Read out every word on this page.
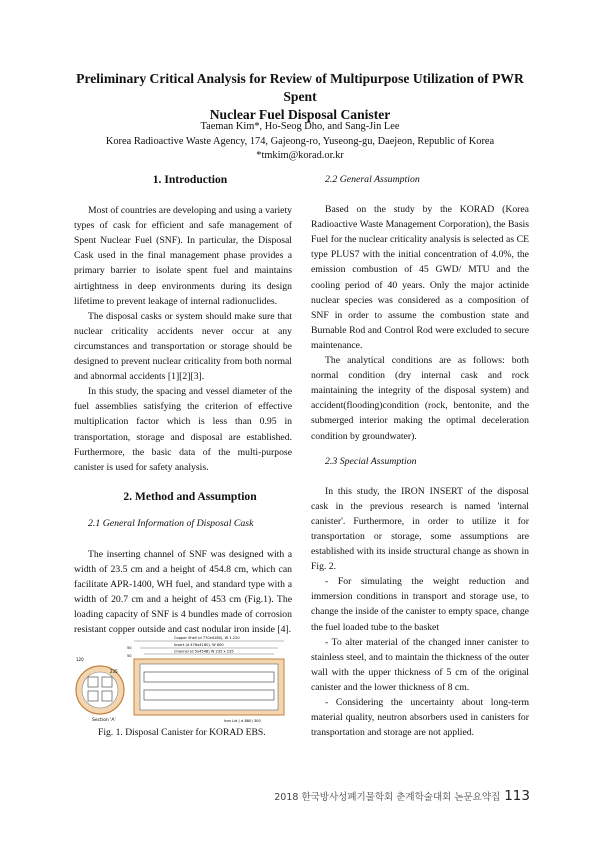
Preliminary Critical Analysis for Review of Multipurpose Utilization of PWR Spent
Nuclear Fuel Disposal Canister
Taeman Kim*, Ho-Seog Dho, and Sang-Jin Lee
Korea Radioactive Waste Agency, 174, Gajeong-ro, Yuseong-gu, Daejeon, Republic of Korea
*tmkim@korad.or.kr

1. Introduction

Most of countries are developing and using a variety types of cask for efficient and safe management of Spent Nuclear Fuel (SNF). In particular, the Disposal Cask used in the final management phase provides a primary barrier to isolate spent fuel and maintains airtightness in deep environments during its design lifetime to prevent leakage of internal radionuclides.

The disposal casks or system should make sure that nuclear criticality accidents never occur at any circumstances and transportation or storage should be designed to prevent nuclear criticality from both normal and abnormal accidents [1][2][3].

In this study, the spacing and vessel diameter of the fuel assemblies satisfying the criterion of effective multiplication factor which is less than 0.95 in transportation, storage and disposal are established. Furthermore, the basic data of the multi-purpose canister is used for safety analysis.

2. Method and Assumption

2.1 General Information of Disposal Cask

The inserting channel of SNF was designed with a width of 23.5 cm and a height of 454.8 cm, which can facilitate APR-1400, WH fuel, and standard type with a width of 20.7 cm and a height of 453 cm (Fig.1). The loading capacity of SNF is 4 bundles made of corrosion resistant copper outside and cast nodular iron inside [4].

120
235
Section 'A'
Copper Shell (d 770x4180), W 1.220
Insert (d 476x4160), W 600
Channel (d 5x4548) W 235 x 235
50
50
Iron Lid ( d 880) 300
Fig. 1. Disposal Canister for KORAD EBS.

2.2 General Assumption

Based on the study by the KORAD (Korea Radioactive Waste Management Corporation), the Basis Fuel for the nuclear criticality analysis is selected as CE type PLUS7 with the initial concentration of 4.0%, the emission combustion of 45 GWD/ MTU and the cooling period of 40 years. Only the major actinide nuclear species was considered as a composition of SNF in order to assume the combustion state and Burnable Rod and Control Rod were excluded to secure maintenance.

The analytical conditions are as follows: both normal condition (dry internal cask and rock maintaining the integrity of the disposal system) and accident(flooding)condition (rock, bentonite, and the submerged interior making the optimal deceleration condition by groundwater).

2.3 Special Assumption

In this study, the IRON INSERT of the disposal cask in the previous research is named 'internal canister'. Furthermore, in order to utilize it for transportation or storage, some assumptions are established with its inside structural change as shown in Fig. 2.

- For simulating the weight reduction and immersion conditions in transport and storage use, to change the inside of the canister to empty space, change the fuel loaded tube to the basket

- To alter material of the changed inner canister to stainless steel, and to maintain the thickness of the outer wall with the upper thickness of 5 cm of the original canister and the lower thickness of 8 cm.

- Considering the uncertainty about long-term material quality, neutron absorbers used in canisters for transportation and storage are not applied.

2018 한국방사성폐기물학회 춘계학술대회 논문요약집 113
